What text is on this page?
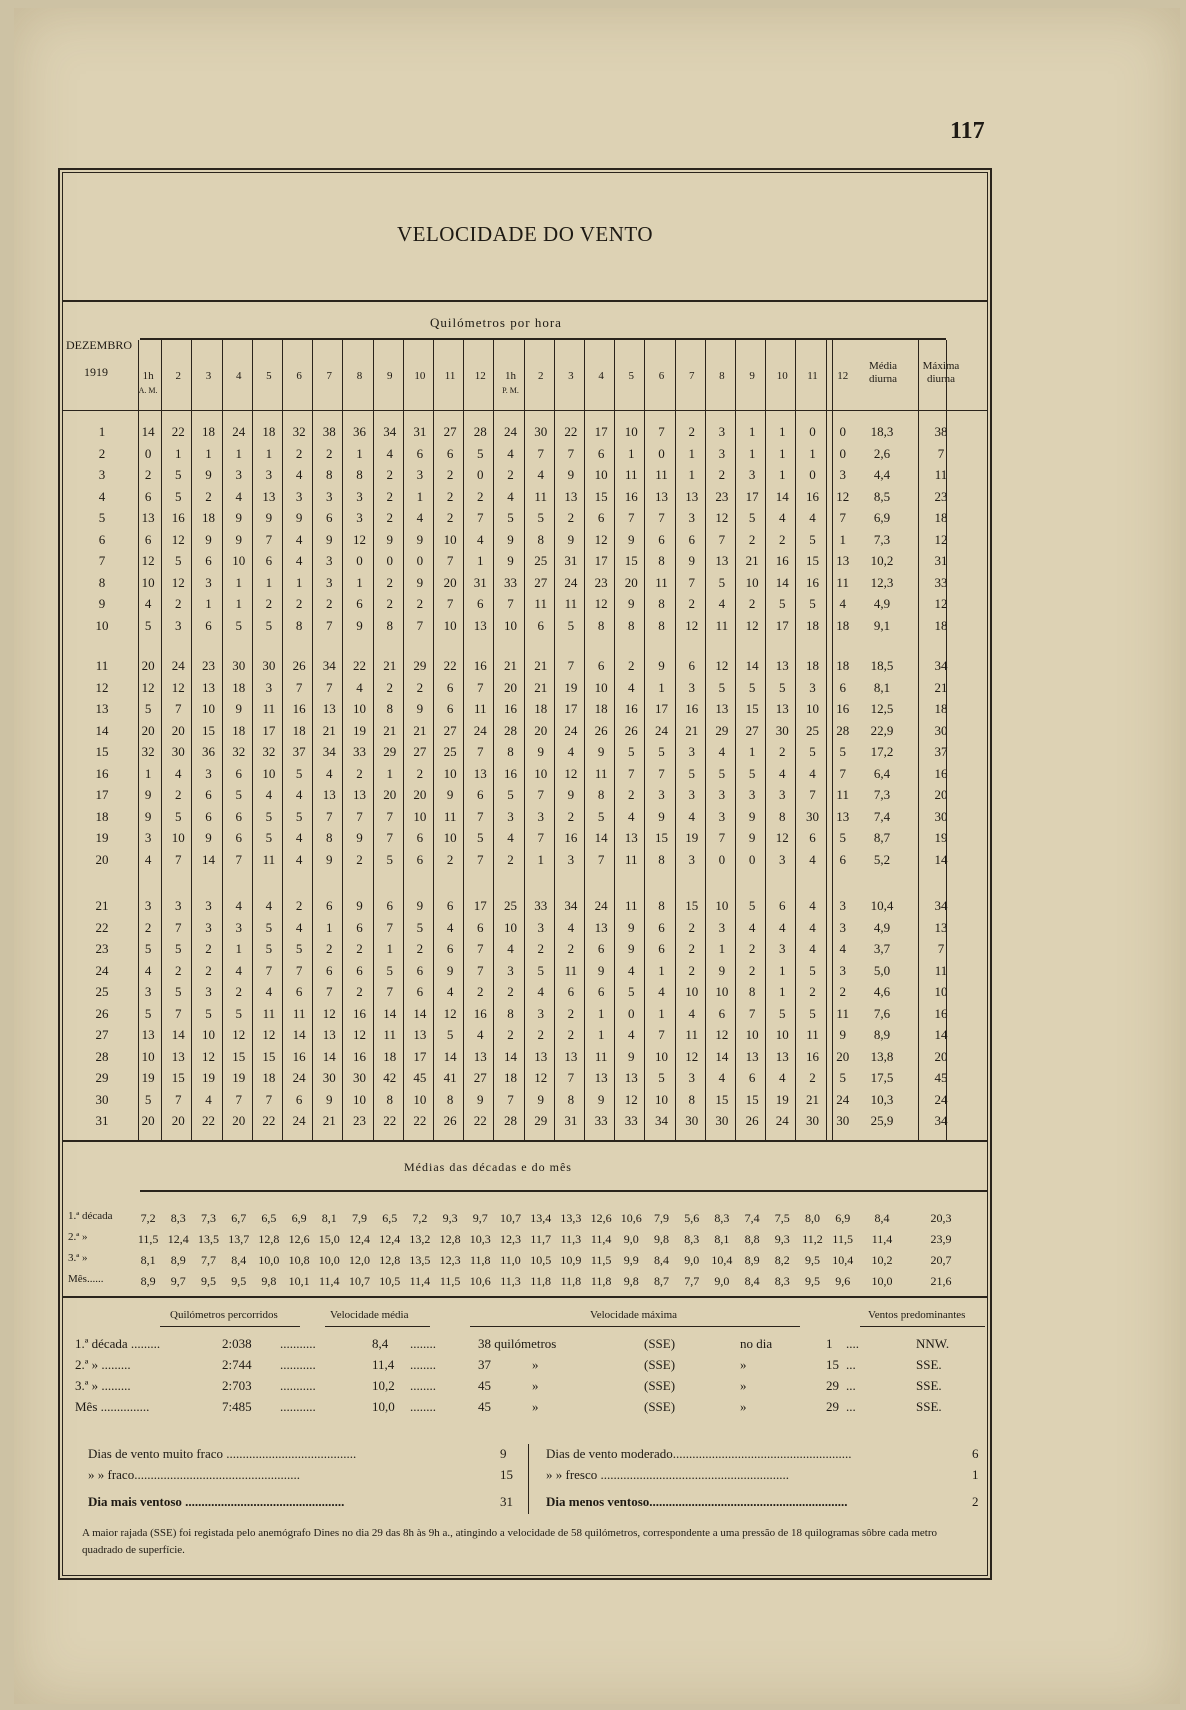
117
VELOCIDADE DO VENTO
Quilómetros por hora
DEZEMBRO
1919	1h
A. M.
2	3	4	5	6	7	8	9	10	11	12	1h
P. M.
2	3	4	5	6	7	8	9	10	11	12
Média diurna
Máxima diurna
1	14	22	18	24	18	32	38	36	34	31	27	28	24	30	22	17	10	7	2	3	1	1	0	0	18,3	38
2	0	1	1	1	1	2	2	1	4	6	6	5	4	7	7	6	1	0	1	3	1	1	1	0	2,6	7
3	2	5	9	3	3	4	8	8	2	3	2	0	2	4	9	10	11	11	1	2	3	1	0	3	4,4	11
4	6	5	2	4	13	3	3	3	2	1	2	2	4	11	13	15	16	13	13	23	17	14	16	12	8,5	23
5	13	16	18	9	9	9	6	3	2	4	2	7	5	5	2	6	7	7	3	12	5	4	4	7	6,9	18
6	6	12	9	9	7	4	9	12	9	9	10	4	9	8	9	12	9	6	6	7	2	2	5	1	7,3	12
7	12	5	6	10	6	4	3	0	0	0	7	1	9	25	31	17	15	8	9	13	21	16	15	13	10,2	31
8	10	12	3	1	1	1	3	1	2	9	20	31	33	27	24	23	20	11	7	5	10	14	16	11	12,3	33
9	4	2	1	1	2	2	2	6	2	2	7	6	7	11	11	12	9	8	2	4	2	5	5	4	4,9	12
10	5	3	6	5	5	8	7	9	8	7	10	13	10	6	5	8	8	8	12	11	12	17	18	18	9,1	18
11	20	24	23	30	30	26	34	22	21	29	22	16	21	21	7	6	2	9	6	12	14	13	18	18	18,5	34
12	12	12	13	18	3	7	7	4	2	2	6	7	20	21	19	10	4	1	3	5	5	5	3	6	8,1	21
13	5	7	10	9	11	16	13	10	8	9	6	11	16	18	17	18	16	17	16	13	15	13	10	16	12,5	18
14	20	20	15	18	17	18	21	19	21	21	27	24	28	20	24	26	26	24	21	29	27	30	25	28	22,9	30
15	32	30	36	32	32	37	34	33	29	27	25	7	8	9	4	9	5	5	3	4	1	2	5	5	17,2	37
16	1	4	3	6	10	5	4	2	1	2	10	13	16	10	12	11	7	7	5	5	5	4	4	7	6,4	16
17	9	2	6	5	4	4	13	13	20	20	9	6	5	7	9	8	2	3	3	3	3	3	7	11	7,3	20
18	9	5	6	6	5	5	7	7	7	10	11	7	3	3	2	5	4	9	4	3	9	8	30	13	7,4	30
19	3	10	9	6	5	4	8	9	7	6	10	5	4	7	16	14	13	15	19	7	9	12	6	5	8,7	19
20	4	7	14	7	11	4	9	2	5	6	2	7	2	1	3	7	11	8	3	0	0	3	4	6	5,2	14
21	3	3	3	4	4	2	6	9	6	9	6	17	25	33	34	24	11	8	15	10	5	6	4	3	10,4	34
22	2	7	3	3	5	4	1	6	7	5	4	6	10	3	4	13	9	6	2	3	4	4	4	3	4,9	13
23	5	5	2	1	5	5	2	2	1	2	6	7	4	2	2	6	9	6	2	1	2	3	4	4	3,7	7
24	4	2	2	4	7	7	6	6	5	6	9	7	3	5	11	9	4	1	2	9	2	1	5	3	5,0	11
25	3	5	3	2	4	6	7	2	7	6	4	2	2	4	6	6	5	4	10	10	8	1	2	2	4,6	10
26	5	7	5	5	11	11	12	16	14	14	12	16	8	3	2	1	0	1	4	6	7	5	5	11	7,6	16
27	13	14	10	12	12	14	13	12	11	13	5	4	2	2	2	1	4	7	11	12	10	10	11	9	8,9	14
28	10	13	12	15	15	16	14	16	18	17	14	13	14	13	13	11	9	10	12	14	13	13	16	20	13,8	20
29	19	15	19	19	18	24	30	30	42	45	41	27	18	12	7	13	13	5	3	4	6	4	2	5	17,5	45
30	5	7	4	7	7	6	9	10	8	10	8	9	7	9	8	9	12	10	8	15	15	19	21	24	10,3	24
31	20	20	22	20	22	24	21	23	22	22	26	22	28	29	31	33	33	34	30	30	26	24	30	30	25,9	34
Médias das décadas e do mês
1.ª década	7,2	8,3	7,3	6,7	6,5	6,9	8,1	7,9	6,5	7,2	9,3	9,7	10,7 13,4 13,3 12,6 10,6	7,9	5,6	8,3	7,4	7,5	8,0	6,9	8,4	20,3
2.ª »	11,5 12,4 13,5 13,7 12,8 12,6 15,0 12,4 12,4 13,2 12,8 10,3 12,3 11,7 11,3 11,4	9,0	9,8	8,3	8,1	8,8	9,3	11,2 11,5	11,4	23,9
3.ª »	8,1	8,9	7,7	8,4	10,0 10,8 10,0 12,0 12,8 13,5 12,3 11,8 11,0 10,5 10,9 11,5	9,9	8,4	9,0	10,4	8,9	8,2	9,5	10,4	10,2	20,7
Mês......	8,9	9,7	9,5	9,5	9,8	10,1 11,4 10,7 10,5 11,4 11,5 10,6 11,3 11,8 11,8 11,8	9,8	8,7	7,7	9,0	8,4	8,3	9,5	9,6	10,0	21,6
Quilómetros percorridos	Velocidade média	Velocidade máxima	Ventos predominantes
1.ª década .........	2:038 ...........	8,4 ........	38 quilómetros	(SSE)	no dia	1 ....	NNW.
2.ª » .........	2:744 ...........	11,4 ........	37	»	(SSE)	»	15 ...	SSE.
3.ª » .........	2:703 ...........	10,2 ........	45	»	(SSE)	»	29 ...	SSE.
Mês ...............	7:485 ...........	10,0 ........	45	»	(SSE)	»	29 ...	SSE.
Dias de vento muito fraco ........................................	9
» » fraco...................................................	15
Dia mais ventoso .................................................	31
Dias de vento moderado.......................................................	6
» » fresco ..........................................................	1
Dia menos ventoso.............................................................	2
A maior rajada (SSE) foi registada pelo anemógrafo Dines no dia 29 das 8h às 9h a., atingindo a velocidade de 58 quilómetros, correspondente a uma pressão de 18 quilogramas sôbre cada metro quadrado de superfície.
